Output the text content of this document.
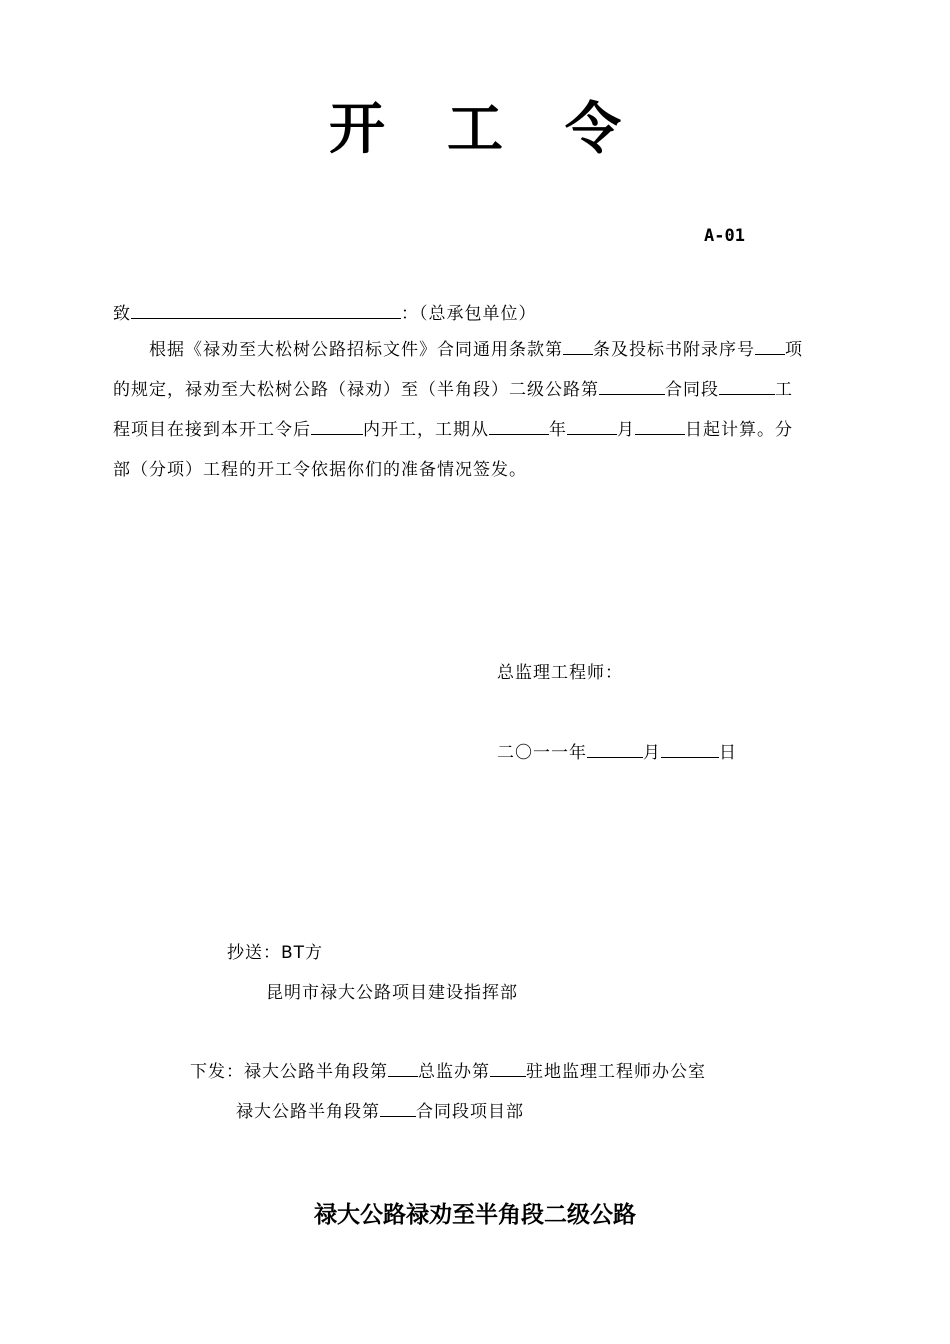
开 工 令
A-01
致	：（总承包单位）
根据《禄劝至大松树公路招标文件》合同通用条款第 条及投标书附录序号 项
的规定，禄劝至大松树公路（禄劝）至（半角段）二级公路第	合同段	工
程项目在接到本开工令后	内开工，工期从	年	月	日起计算。分
部（分项）工程的开工令依据你们的准备情况签发。
总监理工程师：
二〇一一年	月	日
抄送：BT方
昆明市禄大公路项目建设指挥部
下发：禄大公路半角段第 总监办第 驻地监理工程师办公室
禄大公路半角段第 合同段项目部
禄大公路禄劝至半角段二级公路
